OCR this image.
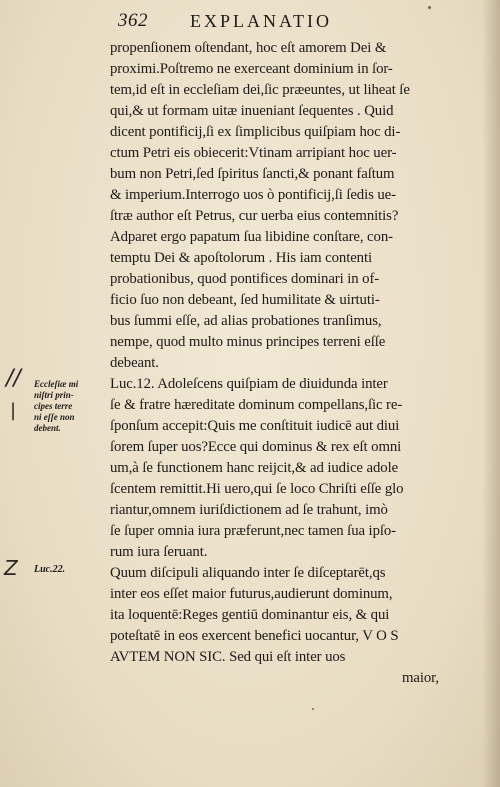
362 EXPLANATIO
propenſionem oſtendant, hoc eſt amorem Dei &
proximi.Poſtremo ne exerceant dominium in ſor-
tem,id eſt in eccleſiam dei,ſic præeuntes, ut liheat ſe
qui,& ut formam uitæ inueniant ſequentes . Quid
dicent pontificij,ſi ex ſimplicibus quiſpiam hoc di-
ctum Petri eis obiecerit:Vtinam arripiant hoc uer-
bum non Petri,ſed ſpiritus ſancti,& ponant faſtum
& imperium.Interrogo uos ò pontificij,ſi ſedis ue-
ſtræ author eſt Petrus, cur uerba eius contemnitis?
Adparet ergo papatum ſua libidine conſtare, con-
temptu Dei & apoſtolorum . His iam contenti
probationibus, quod pontifices dominari in of-
ficio ſuo non debeant, ſed humilitate & uirtuti-
bus ſummi eſſe, ad alias probationes tranſimus,
nempe, quod multo minus principes terreni eſſe
debeant.
Luc.12. Adoleſcens quiſpiam de diuidunda inter
ſe & fratre hæreditate dominum compellans,ſic re-
ſponſum accepit:Quis me conſtituit iudicē aut diui
ſorem ſuper uos?Ecce qui dominus & rex eſt omni
um,à ſe functionem hanc reijcit,& ad iudice adole
ſcentem remittit.Hi uero,qui ſe loco Chriſti eſſe glo
riantur,omnem iuriſdictionem ad ſe trahunt, imò
ſe ſuper omnia iura præferunt,nec tamen ſua ipſo-
rum iura ſeruant.
Quum diſcipuli aliquando inter ſe diſceptarēt,qs
inter eos eſſet maior futurus,audierunt dominum,
ita loquentē:Reges gentiū dominantur eis, & qui
poteſtatē in eos exercent benefici uocantur, V O S
AVTEM NON SIC. Sed qui eſt inter uos
maior,
Eccleſiæ mi
niſtri prin-
cipes terre
ni eſſe non
debent.
Luc.22.
//
|
Z
